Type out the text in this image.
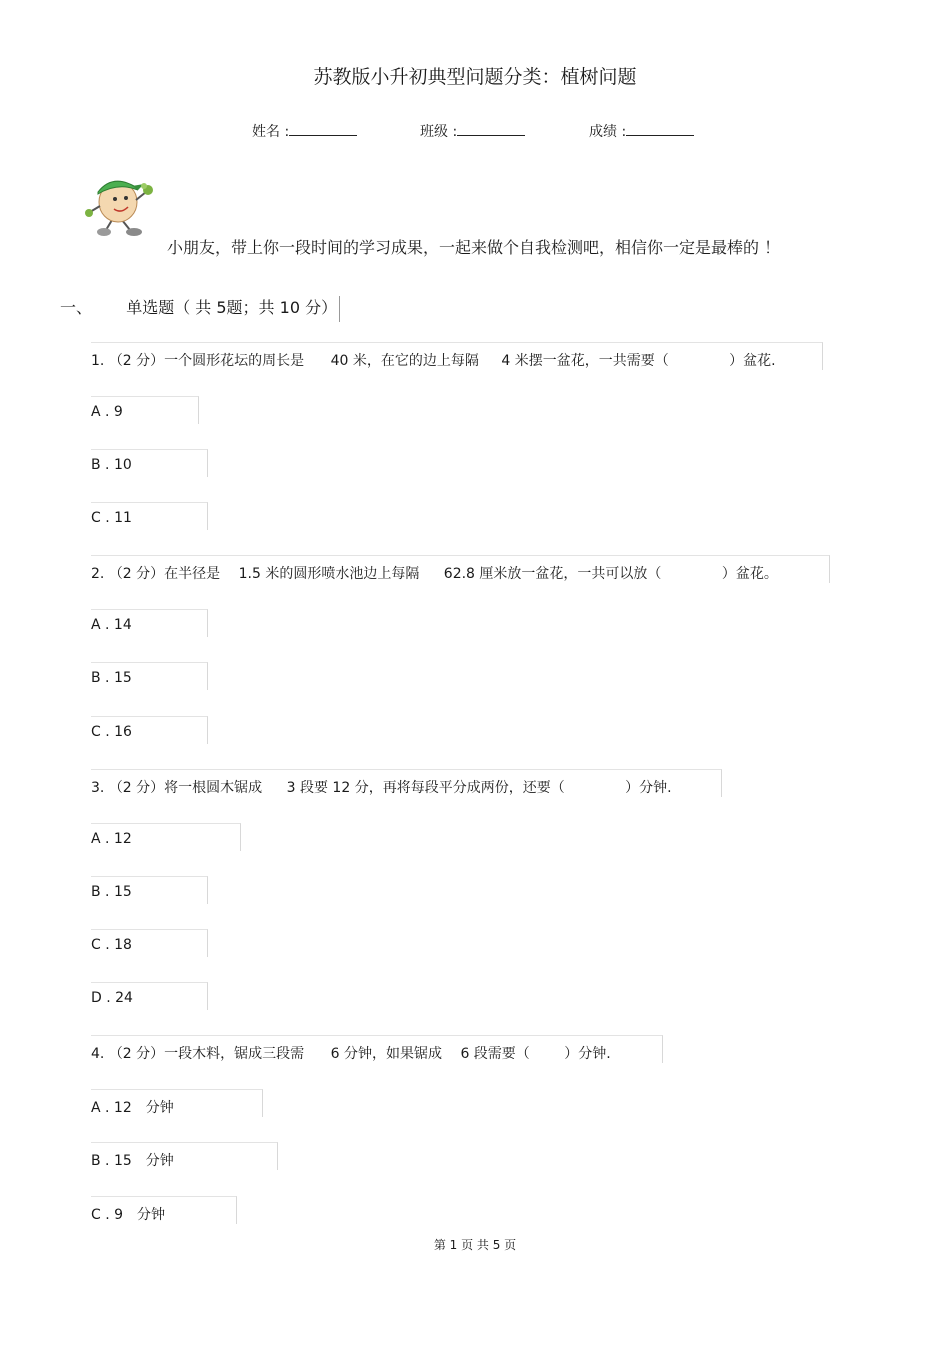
苏教版小升初典型问题分类：植树问题
姓名 :	班级 :	成绩 :
小朋友，带上你一段时间的学习成果，一起来做个自我检测吧，相信你一定是最棒的 ！
一、 单选题（ 共 5题；共 10 分）
1. （2 分）一个圆形花坛的周长是 40 米，在它的边上每隔 4 米摆一盆花，一共需要（	）盆花.
A . 9
B . 10
C . 11
2. （2 分）在半径是 1.5 米的圆形喷水池边上每隔 62.8 厘米放一盆花，一共可以放（	）盆花。
A . 14
B . 15
C . 16
3. （2 分）将一根圆木锯成 3 段要 12 分，再将每段平分成两份，还要（	）分钟.
A . 12
B . 15
C . 18
D . 24
4. （2 分）一段木料，锯成三段需 6 分钟，如果锯成 6 段需要（ ）分钟.
A . 12　分钟
B . 15　分钟
C . 9　分钟
第 1 页 共 5 页
